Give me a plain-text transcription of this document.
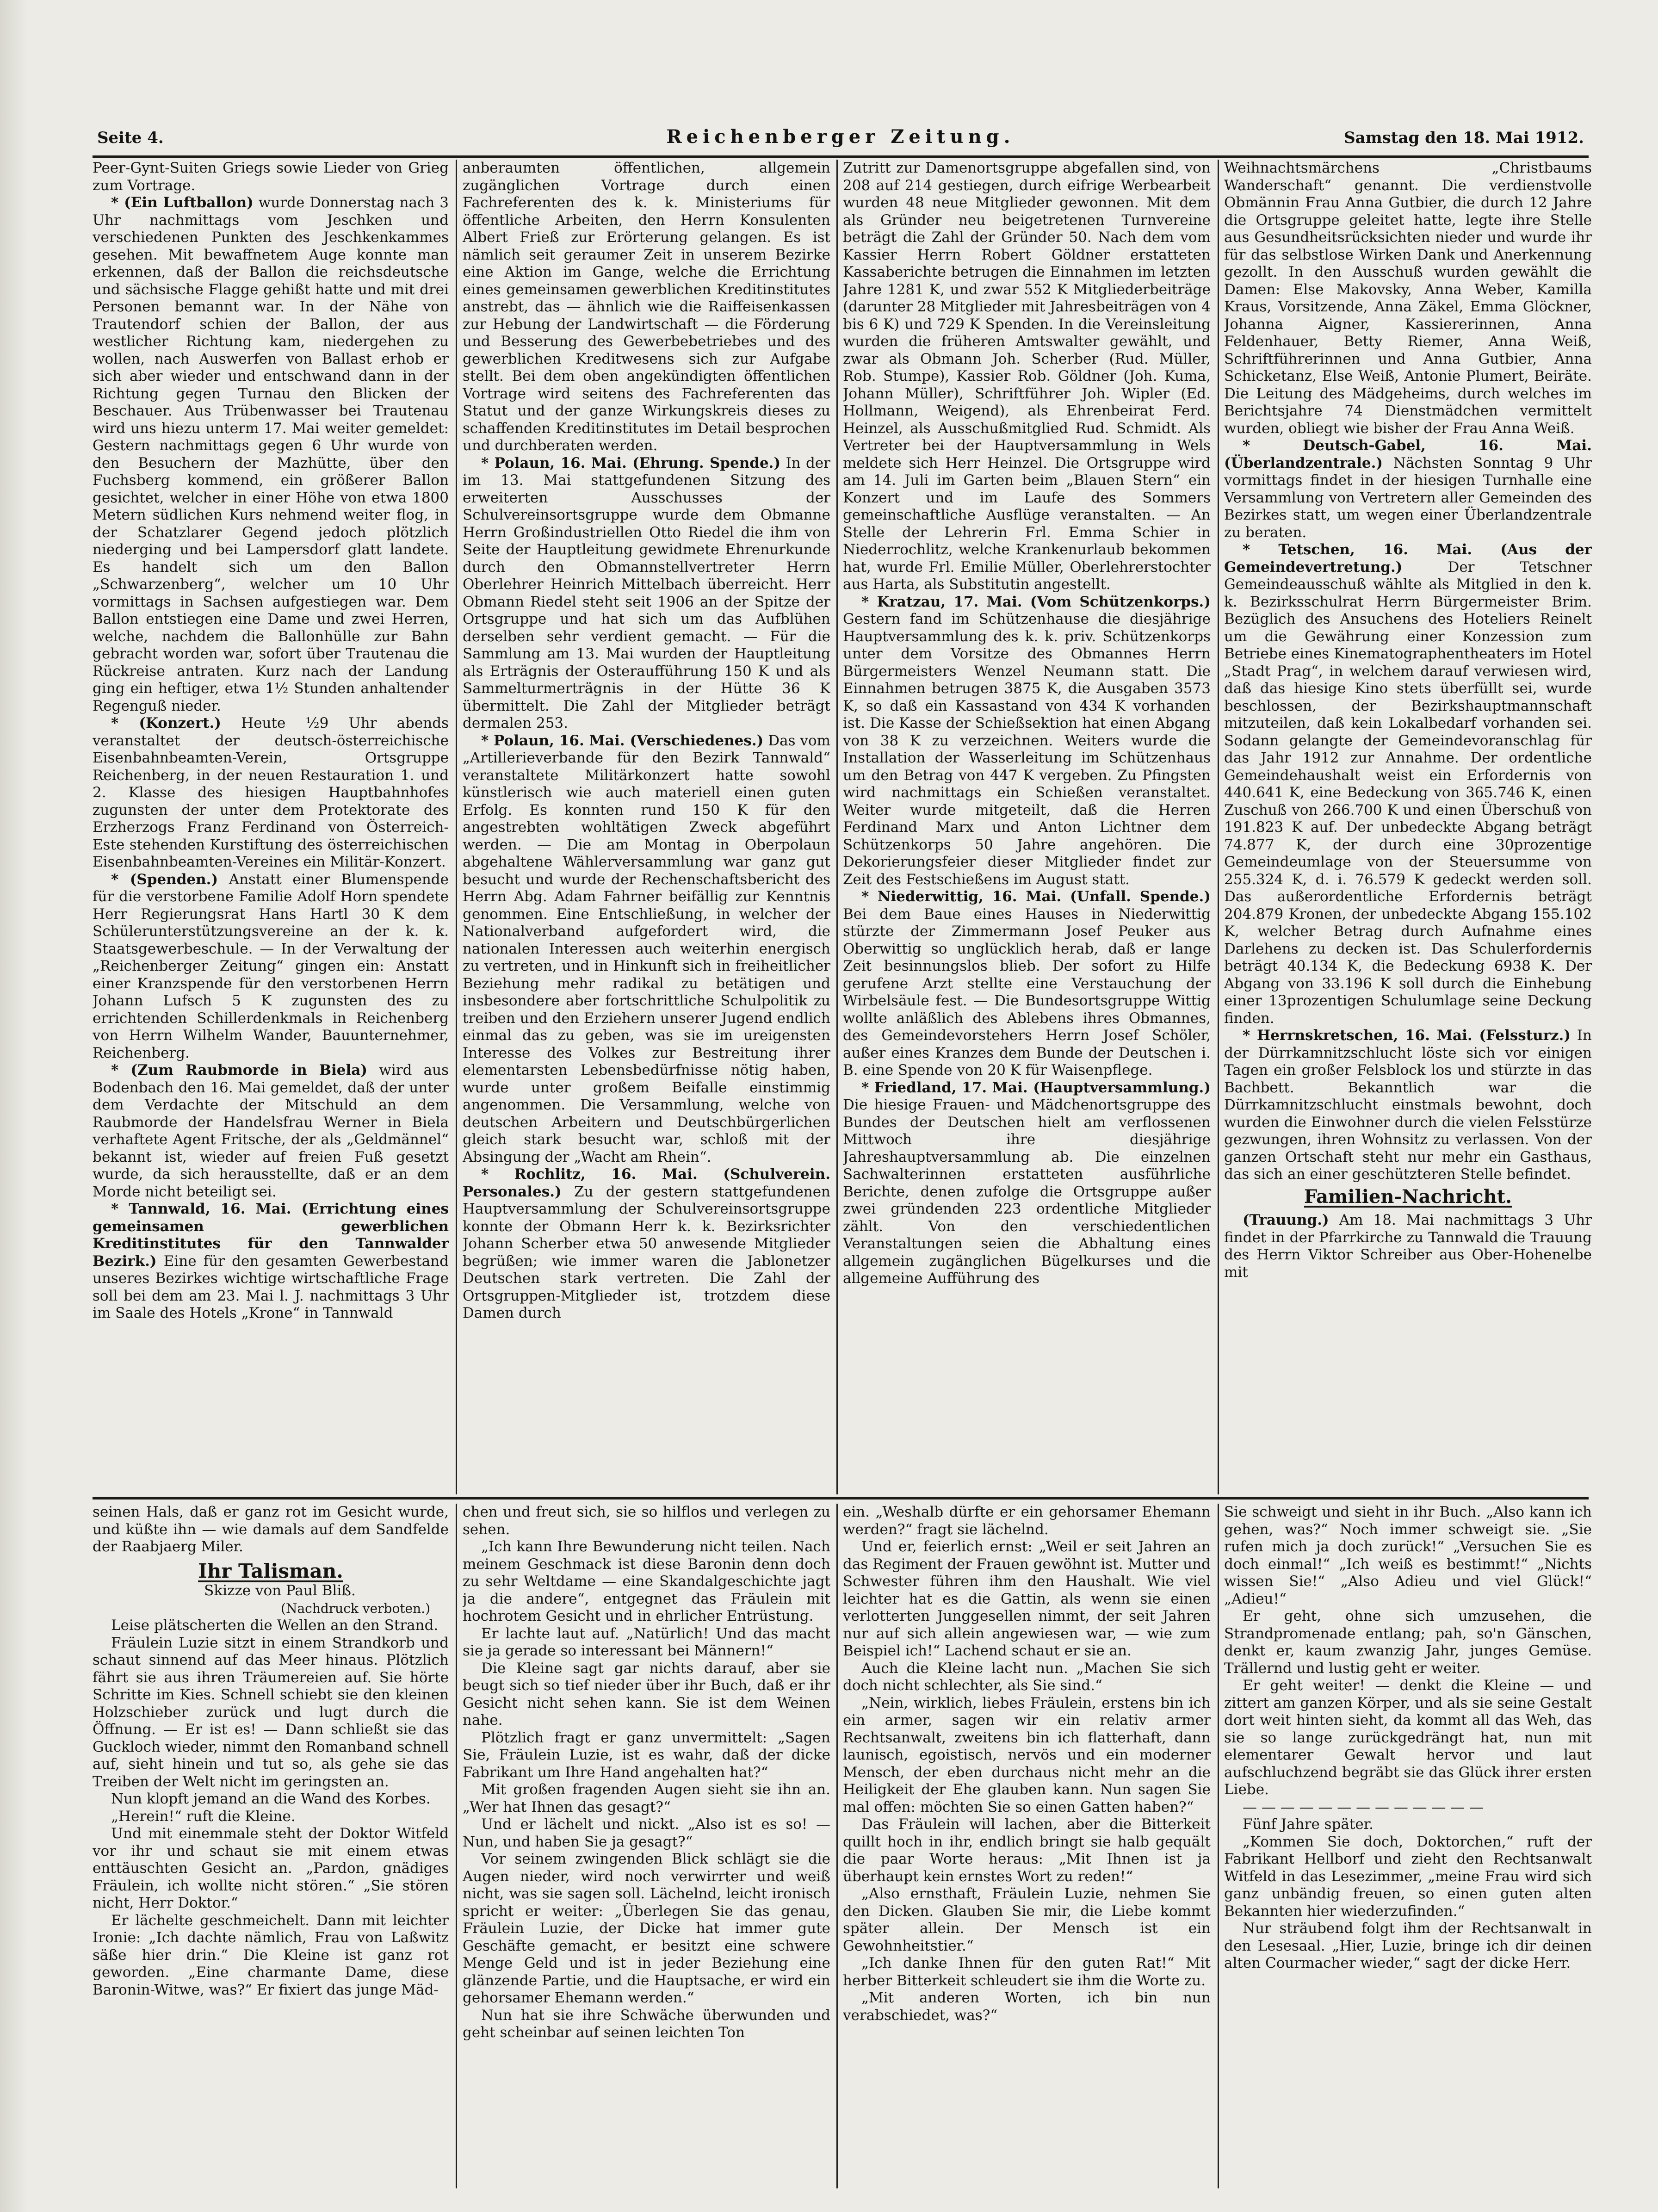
Seite 4.	Reichenberger Zeitung.	Samstag den 18. Mai 1912.

Peer-Gynt-Suiten Griegs sowie Lieder von Grieg zum Vortrage.

* (Ein Luftballon) wurde Donnerstag nach 3 Uhr nachmittags vom Jeschken und verschiedenen Punkten des Jeschkenkammes gesehen. Mit bewaffnetem Auge konnte man erkennen, daß der Ballon die reichsdeutsche und sächsische Flagge gehißt hatte und mit drei Personen bemannt war. In der Nähe von Trautendorf schien der Ballon, der aus westlicher Richtung kam, niedergehen zu wollen, nach Auswerfen von Ballast erhob er sich aber wieder und entschwand dann in der Richtung gegen Turnau den Blicken der Beschauer. Aus Trübenwasser bei Trautenau wird uns hiezu unterm 17. Mai weiter gemeldet: Gestern nachmittags gegen 6 Uhr wurde von den Besuchern der Mazhütte, über den Fuchsberg kommend, ein größerer Ballon gesichtet, welcher in einer Höhe von etwa 1800 Metern südlichen Kurs nehmend weiter flog, in der Schatzlarer Gegend jedoch plötzlich niederging und bei Lampersdorf glatt landete. Es handelt sich um den Ballon „Schwarzenberg“, welcher um 10 Uhr vormittags in Sachsen aufgestiegen war. Dem Ballon entstiegen eine Dame und zwei Herren, welche, nachdem die Ballonhülle zur Bahn gebracht worden war, sofort über Trautenau die Rückreise antraten. Kurz nach der Landung ging ein heftiger, etwa 1½ Stunden anhaltender Regenguß nieder.

* (Konzert.) Heute ½9 Uhr abends veranstaltet der deutsch-österreichische Eisenbahnbeamten-Verein, Ortsgruppe Reichenberg, in der neuen Restauration 1. und 2. Klasse des hiesigen Hauptbahnhofes zugunsten der unter dem Protektorate des Erzherzogs Franz Ferdinand von Österreich-Este stehenden Kurstiftung des österreichischen Eisenbahnbeamten-Vereines ein Militär-Konzert.

* (Spenden.) Anstatt einer Blumenspende für die verstorbene Familie Adolf Horn spendete Herr Regierungsrat Hans Hartl 30 K dem Schülerunterstützungsvereine an der k. k. Staatsgewerbeschule. — In der Verwaltung der „Reichenberger Zeitung“ gingen ein: Anstatt einer Kranzspende für den verstorbenen Herrn Johann Lufsch 5 K zugunsten des zu errichtenden Schillerdenkmals in Reichenberg von Herrn Wilhelm Wander, Bauunternehmer, Reichenberg.

* (Zum Raubmorde in Biela) wird aus Bodenbach den 16. Mai gemeldet, daß der unter dem Verdachte der Mitschuld an dem Raubmorde der Handelsfrau Werner in Biela verhaftete Agent Fritsche, der als „Geldmännel“ bekannt ist, wieder auf freien Fuß gesetzt wurde, da sich herausstellte, daß er an dem Morde nicht beteiligt sei.

* Tannwald, 16. Mai. (Errichtung eines gemeinsamen gewerblichen Kreditinstitutes für den Tannwalder Bezirk.) Eine für den gesamten Gewerbestand unseres Bezirkes wichtige wirtschaftliche Frage soll bei dem am 23. Mai l. J. nachmittags 3 Uhr im Saale des Hotels „Krone“ in Tannwald

anberaumten öffentlichen, allgemein zugänglichen Vortrage durch einen Fachreferenten des k. k. Ministeriums für öffentliche Arbeiten, den Herrn Konsulenten Albert Frieß zur Erörterung gelangen. Es ist nämlich seit geraumer Zeit in unserem Bezirke eine Aktion im Gange, welche die Errichtung eines gemeinsamen gewerblichen Kreditinstitutes anstrebt, das — ähnlich wie die Raiffeisenkassen zur Hebung der Landwirtschaft — die Förderung und Besserung des Gewerbebetriebes und des gewerblichen Kreditwesens sich zur Aufgabe stellt. Bei dem oben angekündigten öffentlichen Vortrage wird seitens des Fachreferenten das Statut und der ganze Wirkungskreis dieses zu schaffenden Kreditinstitutes im Detail besprochen und durchberaten werden.

* Polaun, 16. Mai. (Ehrung. Spende.) In der im 13. Mai stattgefundenen Sitzung des erweiterten Ausschusses der Schulvereinsortsgruppe wurde dem Obmanne Herrn Großindustriellen Otto Riedel die ihm von Seite der Hauptleitung gewidmete Ehrenurkunde durch den Obmannstellvertreter Herrn Oberlehrer Heinrich Mittelbach überreicht. Herr Obmann Riedel steht seit 1906 an der Spitze der Ortsgruppe und hat sich um das Aufblühen derselben sehr verdient gemacht. — Für die Sammlung am 13. Mai wurden der Hauptleitung als Erträgnis der Osteraufführung 150 K und als Sammelturmerträgnis in der Hütte 36 K übermittelt. Die Zahl der Mitglieder beträgt dermalen 253.

* Polaun, 16. Mai. (Verschiedenes.) Das vom „Artillerieverbande für den Bezirk Tannwald“ veranstaltete Militärkonzert hatte sowohl künstlerisch wie auch materiell einen guten Erfolg. Es konnten rund 150 K für den angestrebten wohltätigen Zweck abgeführt werden. — Die am Montag in Oberpolaun abgehaltene Wählerversammlung war ganz gut besucht und wurde der Rechenschaftsbericht des Herrn Abg. Adam Fahrner beifällig zur Kenntnis genommen. Eine Entschließung, in welcher der Nationalverband aufgefordert wird, die nationalen Interessen auch weiterhin energisch zu vertreten, und in Hinkunft sich in freiheitlicher Beziehung mehr radikal zu betätigen und insbesondere aber fortschrittliche Schulpolitik zu treiben und den Erziehern unserer Jugend endlich einmal das zu geben, was sie im ureigensten Interesse des Volkes zur Bestreitung ihrer elementarsten Lebensbedürfnisse nötig haben, wurde unter großem Beifalle einstimmig angenommen. Die Versammlung, welche von deutschen Arbeitern und Deutschbürgerlichen gleich stark besucht war, schloß mit der Absingung der „Wacht am Rhein“.

* Rochlitz, 16. Mai. (Schulverein. Personales.) Zu der gestern stattgefundenen Hauptversammlung der Schulvereinsortsgruppe konnte der Obmann Herr k. k. Bezirksrichter Johann Scherber etwa 50 anwesende Mitglieder begrüßen; wie immer waren die Jablonetzer Deutschen stark vertreten. Die Zahl der Ortsgruppen-Mitglieder ist, trotzdem diese Damen durch

Zutritt zur Damenortsgruppe abgefallen sind, von 208 auf 214 gestiegen, durch eifrige Werbearbeit wurden 48 neue Mitglieder gewonnen. Mit dem als Gründer neu beigetretenen Turnvereine beträgt die Zahl der Gründer 50. Nach dem vom Kassier Herrn Robert Göldner erstatteten Kassaberichte betrugen die Einnahmen im letzten Jahre 1281 K, und zwar 552 K Mitgliederbeiträge (darunter 28 Mitglieder mit Jahresbeiträgen von 4 bis 6 K) und 729 K Spenden. In die Vereinsleitung wurden die früheren Amtswalter gewählt, und zwar als Obmann Joh. Scherber (Rud. Müller, Rob. Stumpe), Kassier Rob. Göldner (Joh. Kuma, Johann Müller), Schriftführer Joh. Wipler (Ed. Hollmann, Weigend), als Ehrenbeirat Ferd. Heinzel, als Ausschußmitglied Rud. Schmidt. Als Vertreter bei der Hauptversammlung in Wels meldete sich Herr Heinzel. Die Ortsgruppe wird am 14. Juli im Garten beim „Blauen Stern“ ein Konzert und im Laufe des Sommers gemeinschaftliche Ausflüge veranstalten. — An Stelle der Lehrerin Frl. Emma Schier in Niederrochlitz, welche Krankenurlaub bekommen hat, wurde Frl. Emilie Müller, Oberlehrerstochter aus Harta, als Substitutin angestellt.

* Kratzau, 17. Mai. (Vom Schützenkorps.) Gestern fand im Schützenhause die diesjährige Hauptversammlung des k. k. priv. Schützenkorps unter dem Vorsitze des Obmannes Herrn Bürgermeisters Wenzel Neumann statt. Die Einnahmen betrugen 3875 K, die Ausgaben 3573 K, so daß ein Kassastand von 434 K vorhanden ist. Die Kasse der Schießsektion hat einen Abgang von 38 K zu verzeichnen. Weiters wurde die Installation der Wasserleitung im Schützenhaus um den Betrag von 447 K vergeben. Zu Pfingsten wird nachmittags ein Schießen veranstaltet. Weiter wurde mitgeteilt, daß die Herren Ferdinand Marx und Anton Lichtner dem Schützenkorps 50 Jahre angehören. Die Dekorierungsfeier dieser Mitglieder findet zur Zeit des Festschießens im August statt.

* Niederwittig, 16. Mai. (Unfall. Spende.) Bei dem Baue eines Hauses in Niederwittig stürzte der Zimmermann Josef Peuker aus Oberwittig so unglücklich herab, daß er lange Zeit besinnungslos blieb. Der sofort zu Hilfe gerufene Arzt stellte eine Verstauchung der Wirbelsäule fest. — Die Bundesortsgruppe Wittig wollte anläßlich des Ablebens ihres Obmannes, des Gemeindevorstehers Herrn Josef Schöler, außer eines Kranzes dem Bunde der Deutschen i. B. eine Spende von 20 K für Waisenpflege.

* Friedland, 17. Mai. (Hauptversammlung.) Die hiesige Frauen- und Mädchenortsgruppe des Bundes der Deutschen hielt am verflossenen Mittwoch ihre diesjährige Jahreshauptversammlung ab. Die einzelnen Sachwalterinnen erstatteten ausführliche Berichte, denen zufolge die Ortsgruppe außer zwei gründenden 223 ordentliche Mitglieder zählt. Von den verschiedentlichen Veranstaltungen seien die Abhaltung eines allgemein zugänglichen Bügelkurses und die allgemeine Aufführung des

Weihnachtsmärchens „Christbaums Wanderschaft“ genannt. Die verdienstvolle Obmännin Frau Anna Gutbier, die durch 12 Jahre die Ortsgruppe geleitet hatte, legte ihre Stelle aus Gesundheitsrücksichten nieder und wurde ihr für das selbstlose Wirken Dank und Anerkennung gezollt. In den Ausschuß wurden gewählt die Damen: Else Makovsky, Anna Weber, Kamilla Kraus, Vorsitzende, Anna Zäkel, Emma Glöckner, Johanna Aigner, Kassiererinnen, Anna Feldenhauer, Betty Riemer, Anna Weiß, Schriftführerinnen und Anna Gutbier, Anna Schicketanz, Else Weiß, Antonie Plumert, Beiräte. Die Leitung des Mädgeheims, durch welches im Berichtsjahre 74 Dienstmädchen vermittelt wurden, obliegt wie bisher der Frau Anna Weiß.

* Deutsch-Gabel, 16. Mai. (Überlandzentrale.) Nächsten Sonntag 9 Uhr vormittags findet in der hiesigen Turnhalle eine Versammlung von Vertretern aller Gemeinden des Bezirkes statt, um wegen einer Überlandzentrale zu beraten.

* Tetschen, 16. Mai. (Aus der Gemeindevertretung.)	Der Tetschner Gemeindeausschuß wählte als Mitglied in den k. k. Bezirksschulrat Herrn Bürgermeister Brim. Bezüglich des Ansuchens des Hoteliers Reinelt um die Gewährung einer Konzession zum Betriebe eines Kinematographentheaters im Hotel „Stadt Prag“, in welchem darauf verwiesen wird, daß das hiesige Kino stets überfüllt sei, wurde beschlossen, der Bezirkshauptmannschaft mitzuteilen, daß kein Lokalbedarf vorhanden sei. Sodann gelangte der Gemeindevoranschlag für das Jahr 1912 zur Annahme. Der ordentliche Gemeindehaushalt weist ein Erfordernis von 440.641 K, eine Bedeckung von 365.746 K, einen Zuschuß von 266.700 K und einen Überschuß von 191.823 K auf. Der unbedeckte Abgang beträgt 74.877 K, der durch eine 30prozentige Gemeindeumlage von der Steuersumme von 255.324 K, d. i. 76.579 K gedeckt werden soll. Das außerordentliche Erfordernis beträgt 204.879 Kronen, der unbedeckte Abgang 155.102 K, welcher Betrag durch Aufnahme eines Darlehens zu decken ist. Das Schulerfordernis beträgt 40.134 K, die Bedeckung 6938 K. Der Abgang von 33.196 K soll durch die Einhebung einer 13prozentigen Schulumlage seine Deckung finden.

* Herrnskretschen, 16. Mai. (Felssturz.) In der Dürrkamnitzschlucht löste sich vor einigen Tagen ein großer Felsblock los und stürzte in das Bachbett. Bekanntlich war die Dürrkamnitzschlucht einstmals bewohnt, doch wurden die Einwohner durch die vielen Felsstürze gezwungen, ihren Wohnsitz zu verlassen. Von der ganzen Ortschaft steht nur mehr ein Gasthaus, das sich an einer geschützteren Stelle befindet.

Familien-Nachricht.

(Trauung.) Am 18. Mai nachmittags 3 Uhr findet in der Pfarrkirche zu Tannwald die Trauung des Herrn Viktor Schreiber aus Ober-Hohenelbe mit

seinen Hals, daß er ganz rot im Gesicht wurde, und küßte ihn — wie damals auf dem Sandfelde der Raabjaerg Miler.

Ihr Talisman.

Skizze von Paul Bliß.

(Nachdruck verboten.)

Leise plätscherten die Wellen an den Strand.

Fräulein Luzie sitzt in einem Strandkorb und schaut sinnend auf das Meer hinaus. Plötzlich fährt sie aus ihren Träumereien auf. Sie hörte Schritte im Kies. Schnell schiebt sie den kleinen Holzschieber zurück und lugt durch die Öffnung. — Er ist es! — Dann schließt sie das Guckloch wieder, nimmt den Romanband schnell auf, sieht hinein und tut so, als gehe sie das Treiben der Welt nicht im geringsten an.

Nun klopft jemand an die Wand des Korbes.

„Herein!“ ruft die Kleine.

Und mit einemmale steht der Doktor Witfeld vor ihr und schaut sie mit einem etwas enttäuschten Gesicht an. „Pardon, gnädiges Fräulein, ich wollte nicht stören.“ „Sie stören nicht, Herr Doktor.“

Er lächelte geschmeichelt. Dann mit leichter Ironie: „Ich dachte nämlich, Frau von Laßwitz säße hier drin.“ Die Kleine ist ganz rot geworden. „Eine charmante Dame, diese Baronin-Witwe, was?“ Er fixiert das junge Mäd-

chen und freut sich, sie so hilflos und verlegen zu sehen.

„Ich kann Ihre Bewunderung nicht teilen. Nach meinem Geschmack ist diese Baronin denn doch zu sehr Weltdame — eine Skandalgeschichte jagt ja die andere“, entgegnet das Fräulein mit hochrotem Gesicht und in ehrlicher Entrüstung.

Er lachte laut auf. „Natürlich! Und das macht sie ja gerade so interessant bei Männern!“

Die Kleine sagt gar nichts darauf, aber sie beugt sich so tief nieder über ihr Buch, daß er ihr Gesicht nicht sehen kann. Sie ist dem Weinen nahe.

Plötzlich fragt er ganz unvermittelt: „Sagen Sie, Fräulein Luzie, ist es wahr, daß der dicke Fabrikant um Ihre Hand angehalten hat?“

Mit großen fragenden Augen sieht sie ihn an. „Wer hat Ihnen das gesagt?“

Und er lächelt und nickt. „Also ist es so! — Nun, und haben Sie ja gesagt?“

Vor seinem zwingenden Blick schlägt sie die Augen nieder, wird noch verwirrter und weiß nicht, was sie sagen soll. Lächelnd, leicht ironisch spricht er weiter: „Überlegen Sie das genau, Fräulein Luzie, der Dicke hat immer gute Geschäfte gemacht, er besitzt eine schwere Menge Geld und ist in jeder Beziehung eine glänzende Partie, und die Hauptsache, er wird ein gehorsamer Ehemann werden.“

Nun hat sie ihre Schwäche überwunden und geht scheinbar auf seinen leichten Ton

ein. „Weshalb dürfte er ein gehorsamer Ehemann werden?“ fragt sie lächelnd.

Und er, feierlich ernst: „Weil er seit Jahren an das Regiment der Frauen gewöhnt ist. Mutter und Schwester führen ihm den Haushalt. Wie viel leichter hat es die Gattin, als wenn sie einen verlotterten Junggesellen nimmt, der seit Jahren nur auf sich allein angewiesen war, — wie zum Beispiel ich!“ Lachend schaut er sie an.

Auch die Kleine lacht nun. „Machen Sie sich doch nicht schlechter, als Sie sind.“

„Nein, wirklich, liebes Fräulein, erstens bin ich ein armer, sagen wir ein relativ armer Rechtsanwalt, zweitens bin ich flatterhaft, dann launisch, egoistisch, nervös und ein moderner Mensch, der eben durchaus nicht mehr an die Heiligkeit der Ehe glauben kann. Nun sagen Sie mal offen: möchten Sie so einen Gatten haben?“

Das Fräulein will lachen, aber die Bitterkeit quillt hoch in ihr, endlich bringt sie halb gequält die paar Worte heraus: „Mit Ihnen ist ja überhaupt kein ernstes Wort zu reden!“

„Also ernsthaft, Fräulein Luzie, nehmen Sie den Dicken. Glauben Sie mir, die Liebe kommt später allein. Der Mensch ist ein Gewohnheitstier.“

„Ich danke Ihnen für den guten Rat!“ Mit herber Bitterkeit schleudert sie ihm die Worte zu.

„Mit anderen Worten, ich bin nun verabschiedet, was?“

Sie schweigt und sieht in ihr Buch. „Also kann ich gehen, was?“ Noch immer schweigt sie. „Sie rufen mich ja doch zurück!“ „Versuchen Sie es doch einmal!“ „Ich weiß es bestimmt!“ „Nichts wissen Sie!“ „Also Adieu und viel Glück!“ „Adieu!“

Er geht, ohne sich umzusehen, die Strandpromenade entlang; pah, so'n Gänschen, denkt er, kaum zwanzig Jahr, junges Gemüse. Trällernd und lustig geht er weiter.

Er geht weiter! — denkt die Kleine — und zittert am ganzen Körper, und als sie seine Gestalt dort weit hinten sieht, da kommt all das Weh, das sie so lange zurückgedrängt hat, nun mit elementarer Gewalt hervor und laut aufschluchzend begräbt sie das Glück ihrer ersten Liebe.

— — — — — — — — — — — — —

Fünf Jahre später.

„Kommen Sie doch, Doktorchen,“ ruft der Fabrikant Hellborf und zieht den Rechtsanwalt Witfeld in das Lesezimmer, „meine Frau wird sich ganz unbändig freuen, so einen guten alten Bekannten hier wiederzufinden.“

Nur sträubend folgt ihm der Rechtsanwalt in den Lesesaal. „Hier, Luzie, bringe ich dir deinen alten Courmacher wieder,“ sagt der dicke Herr.
